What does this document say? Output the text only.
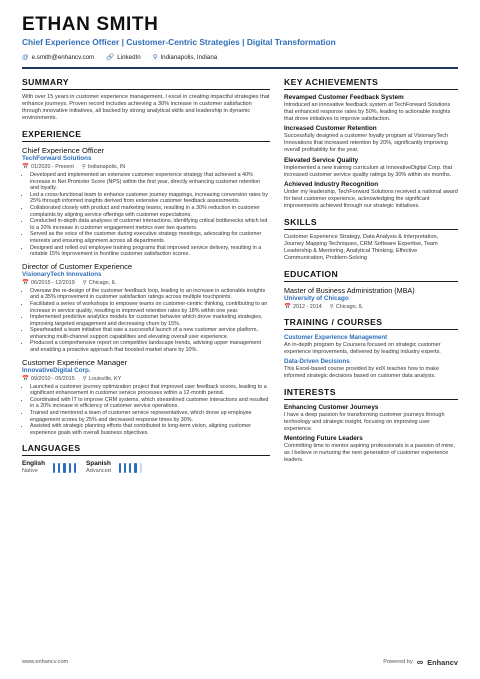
ETHAN SMITH
Chief Experience Officer | Customer-Centric Strategies | Digital Transformation
@ e.smith@enhancv.com 🔗 LinkedIn ⚲ Indianapolis, Indiana
SUMMARY
With over 15 years in customer experience management, I excel in creating impactful strategies that enhance journeys. Proven record includes achieving a 30% increase in customer satisfaction through innovative initiatives, all backed by strong analytical skills and leadership in dynamic environments.
EXPERIENCE
Chief Experience Officer
TechForward Solutions
📅 01/2020 - Present ⚲ Indianapolis, IN
• Developed and implemented an extensive customer experience strategy that achieved a 40% increase in Net Promoter Score (NPS) within the first year, directly enhancing customer retention and loyalty.
• Led a cross-functional team to enhance customer journey mappings, increasing conversion rates by 25% through informed insights derived from extensive customer feedback assessments.
• Collaborated closely with product and marketing teams, resulting in a 30% reduction in customer complaints by aligning service offerings with customer expectations.
• Conducted in-depth data analyses of customer interactions, identifying critical bottlenecks which led to a 20% increase in customer engagement metrics over two quarters.
• Served as the voice of the customer during executive strategy meetings, advocating for customer interests and ensuring alignment across all departments.
• Designed and rolled out employee training programs that improved service delivery, resulting in a notable 15% improvement in frontline customer satisfaction scores.
Director of Customer Experience
VisionaryTech Innovations
📅 06/2015 - 12/2019 ⚲ Chicago, IL
• Oversaw the re-design of the customer feedback loop, leading to an increase in actionable insights and a 35% improvement in customer satisfaction ratings across multiple touchpoints.
• Facilitated a series of workshops to empower teams on customer-centric thinking, contributing to an increase in service quality, resulting in improved retention rates by 18% within one year.
• Implemented predictive analytics models for customer behavior which drove marketing strategies, improving targeted engagement and decreasing churn by 15%.
• Spearheaded a team initiative that saw a successful launch of a new customer service platform, enhancing multi-channel support capabilities and elevating overall user experience.
• Produced a comprehensive report on competitive landscape trends, advising upper management and enabling a proactive approach that boosted market share by 10%.
Customer Experience Manager
InnovativeDigital Corp.
📅 09/2010 - 05/2015 ⚲ Louisville, KY
• Launched a customer journey optimization project that improved user feedback scores, leading to a significant enhancement in customer service processes within a 12-month period.
• Coordinated with IT to improve CRM systems, which streamlined customer interactions and resulted in a 20% increase in efficiency of customer service operations.
• Trained and mentored a team of customer service representatives, which drove up employee engagement scores by 25% and decreased response times by 30%.
• Assisted with strategic planning efforts that contributed to long-term vision, aligning customer experience goals with overall business objectives.
LANGUAGES
English
Native
Spanish
Advanced
KEY ACHIEVEMENTS
Revamped Customer Feedback System
Introduced an innovative feedback system at TechForward Solutions that enhanced response rates by 50%, leading to actionable insights that drove initiatives to improve satisfaction.
Increased Customer Retention
Successfully designed a customer loyalty program at VisionaryTech Innovations that increased retention by 20%, significantly improving overall profitability for the year.
Elevated Service Quality
Implemented a new training curriculum at InnovativeDigital Corp. that increased customer service quality ratings by 30% within six months.
Achieved Industry Recognition
Under my leadership, TechForward Solutions received a national award for best customer experience, acknowledging the significant improvements achieved through our strategic initiatives.
SKILLS
Customer Experience Strategy, Data Analysis & Interpretation, Journey Mapping Techniques, CRM Software Expertise, Team Leadership & Mentoring, Analytical Thinking, Effective Communication, Problem-Solving
EDUCATION
Master of Business Administration (MBA)
University of Chicago
📅 2012 - 2014 ⚲ Chicago, IL
TRAINING / COURSES
Customer Experience Management
An in-depth program by Coursera focused on strategic customer experience improvements, delivered by leading industry experts.
Data-Driven Decisions
This Excel-based course provided by edX teaches how to make informed strategic decisions based on customer data analysis.
INTERESTS
Enhancing Customer Journeys
I have a deep passion for transforming customer journeys through technology and strategic insight, focusing on improving user experience.
Mentoring Future Leaders
Committing time to mentor aspiring professionals is a passion of mine, as I believe in nurturing the next generation of customer experience leaders.
www.enhancv.com	Powered by ∞ Enhancv
